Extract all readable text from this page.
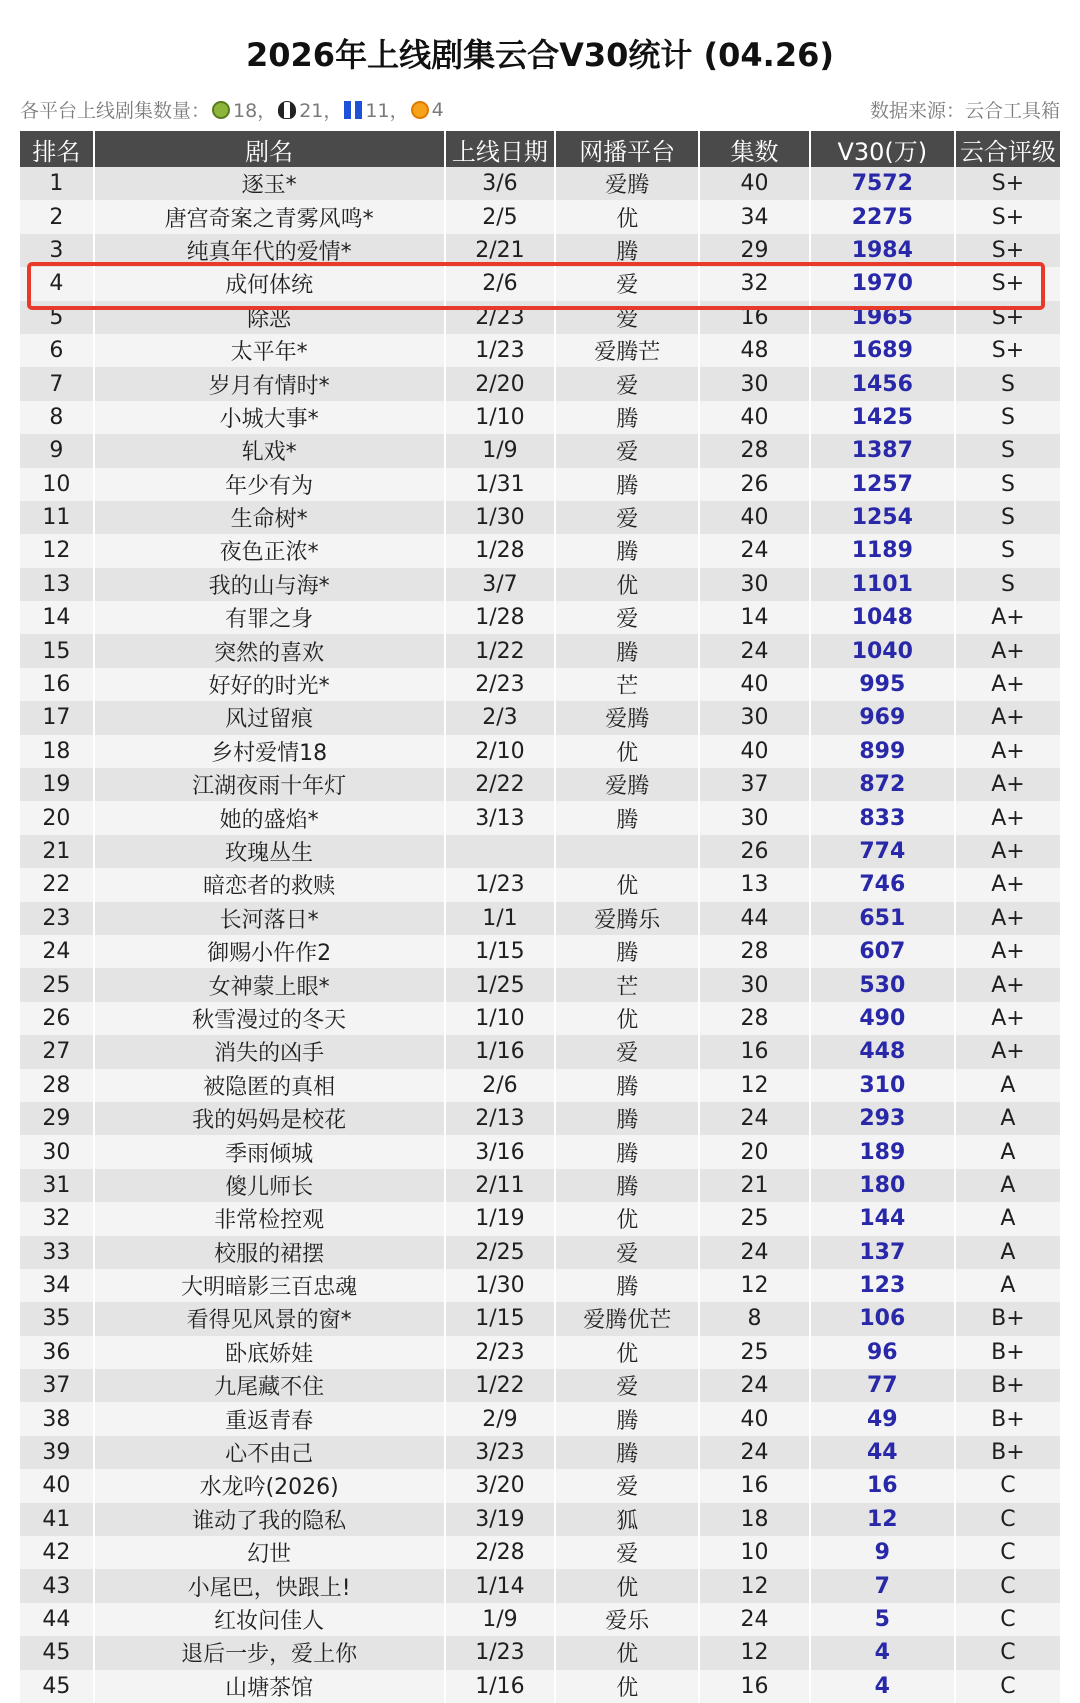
2026年上线剧集云合V30统计 (04.26)
各平台上线剧集数量： 18， 21， 11， 4	数据来源：云合工具箱
排名	剧名	上线日期	网播平台	集数	V30(万)	云合评级
1	逐玉*	3/6	爱腾	40	7572	S+
2	唐宫奇案之青雾风鸣*	2/5	优	34	2275	S+
3	纯真年代的爱情*	2/21	腾	29	1984	S+
4	成何体统	2/6	爱	32	1970	S+
5	除恶	2/23	爱	16	1965	S+
6	太平年*	1/23	爱腾芒	48	1689	S+
7	岁月有情时*	2/20	爱	30	1456	S
8	小城大事*	1/10	腾	40	1425	S
9	轧戏*	1/9	爱	28	1387	S
10	年少有为	1/31	腾	26	1257	S
11	生命树*	1/30	爱	40	1254	S
12	夜色正浓*	1/28	腾	24	1189	S
13	我的山与海*	3/7	优	30	1101	S
14	有罪之身	1/28	爱	14	1048	A+
15	突然的喜欢	1/22	腾	24	1040	A+
16	好好的时光*	2/23	芒	40	995	A+
17	风过留痕	2/3	爱腾	30	969	A+
18	乡村爱情18	2/10	优	40	899	A+
19	江湖夜雨十年灯	2/22	爱腾	37	872	A+
20	她的盛焰*	3/13	腾	30	833	A+
21	玫瑰丛生			26	774	A+
22	暗恋者的救赎	1/23	优	13	746	A+
23	长河落日*	1/1	爱腾乐	44	651	A+
24	御赐小仵作2	1/15	腾	28	607	A+
25	女神蒙上眼*	1/25	芒	30	530	A+
26	秋雪漫过的冬天	1/10	优	28	490	A+
27	消失的凶手	1/16	爱	16	448	A+
28	被隐匿的真相	2/6	腾	12	310	A
29	我的妈妈是校花	2/13	腾	24	293	A
30	季雨倾城	3/16	腾	20	189	A
31	傻儿师长	2/11	腾	21	180	A
32	非常检控观	1/19	优	25	144	A
33	校服的裙摆	2/25	爱	24	137	A
34	大明暗影三百忠魂	1/30	腾	12	123	A
35	看得见风景的窗*	1/15	爱腾优芒	8	106	B+
36	卧底娇娃	2/23	优	25	96	B+
37	九尾藏不住	1/22	爱	24	77	B+
38	重返青春	2/9	腾	40	49	B+
39	心不由己	3/23	腾	24	44	B+
40	水龙吟(2026)	3/20	爱	16	16	C
41	谁动了我的隐私	3/19	狐	18	12	C
42	幻世	2/28	爱	10	9	C
43	小尾巴，快跟上!	1/14	优	12	7	C
44	红妆问佳人	1/9	爱乐	24	5	C
45	退后一步，爱上你	1/23	优	12	4	C
45	山塘茶馆	1/16	优	16	4	C
